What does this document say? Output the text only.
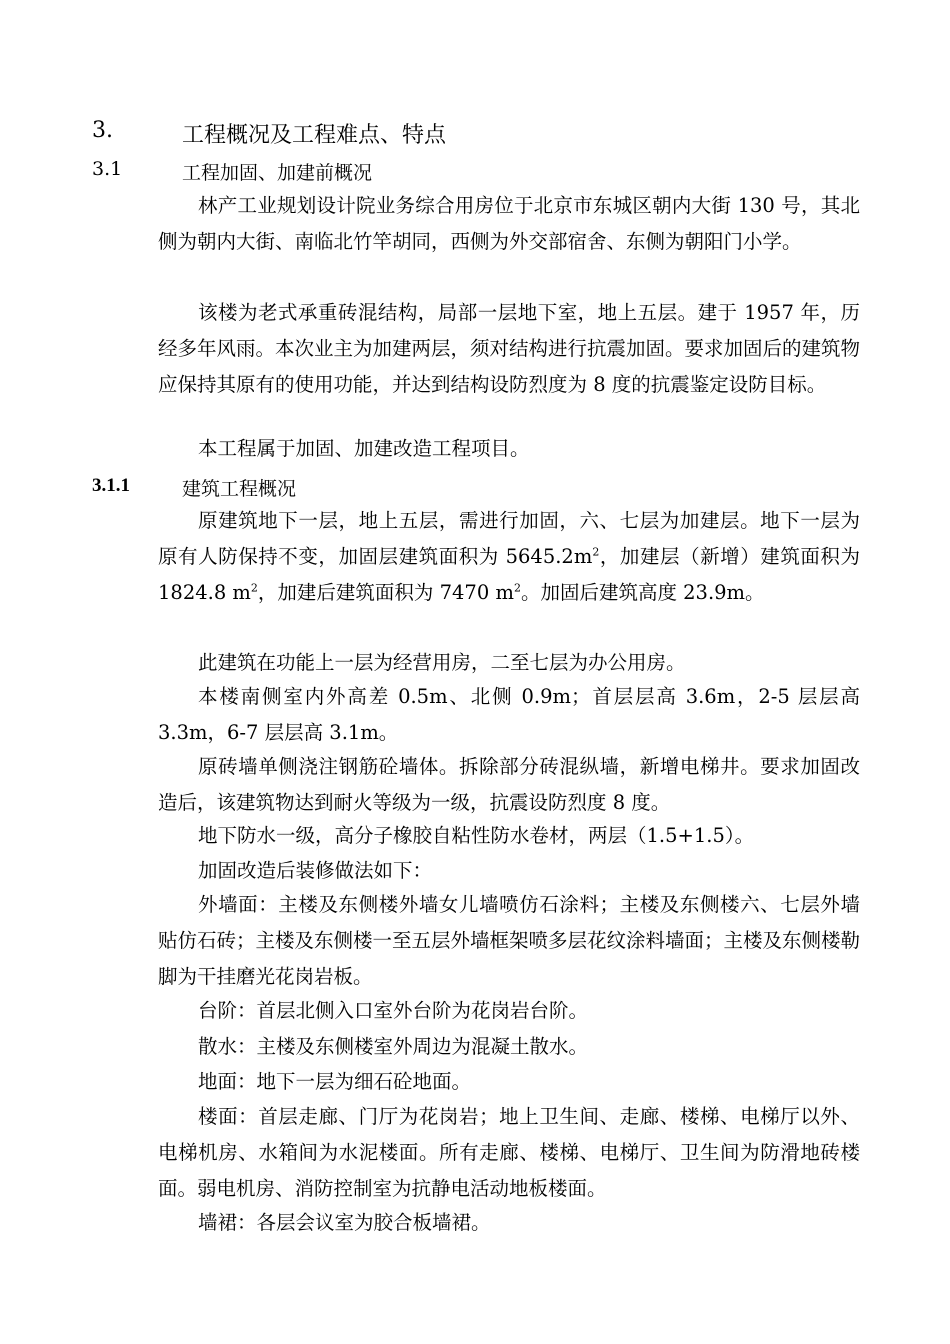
3.	工程概况及工程难点、特点
3.1	工程加固、加建前概况

林产工业规划设计院业务综合用房位于北京市东城区朝内大街 130 号，其北侧为朝内大街、南临北竹竿胡同，西侧为外交部宿舍、东侧为朝阳门小学。

该楼为老式承重砖混结构，局部一层地下室，地上五层。建于 1957 年，历经多年风雨。本次业主为加建两层，须对结构进行抗震加固。要求加固后的建筑物应保持其原有的使用功能，并达到结构设防烈度为 8 度的抗震鉴定设防目标。

本工程属于加固、加建改造工程项目。

3.1.1	建筑工程概况

原建筑地下一层，地上五层，需进行加固，六、七层为加建层。地下一层为原有人防保持不变，加固层建筑面积为 $5645.2m^2$，加建层（新增）建筑面积为 1824.8 $m^2$，加建后建筑面积为 7470 $m^2$。加固后建筑高度 23.9m。

此建筑在功能上一层为经营用房，二至七层为办公用房。

本楼南侧室内外高差 0.5m、北侧 0.9m；首层层高 3.6m，2-5 层层高 3.3m，6-7 层层高 3.1m。

原砖墙单侧浇注钢筋砼墙体。拆除部分砖混纵墙，新增电梯井。要求加固改造后，该建筑物达到耐火等级为一级，抗震设防烈度 8 度。

地下防水一级，高分子橡胶自粘性防水卷材，两层（1.5+1.5）。

加固改造后装修做法如下：

外墙面：主楼及东侧楼外墙女儿墙喷仿石涂料；主楼及东侧楼六、七层外墙贴仿石砖；主楼及东侧楼一至五层外墙框架喷多层花纹涂料墙面；主楼及东侧楼勒脚为干挂磨光花岗岩板。

台阶：首层北侧入口室外台阶为花岗岩台阶。

散水：主楼及东侧楼室外周边为混凝土散水。

地面：地下一层为细石砼地面。

楼面：首层走廊、门厅为花岗岩；地上卫生间、走廊、楼梯、电梯厅以外、电梯机房、水箱间为水泥楼面。所有走廊、楼梯、电梯厅、卫生间为防滑地砖楼面。弱电机房、消防控制室为抗静电活动地板楼面。

墙裙：各层会议室为胶合板墙裙。
